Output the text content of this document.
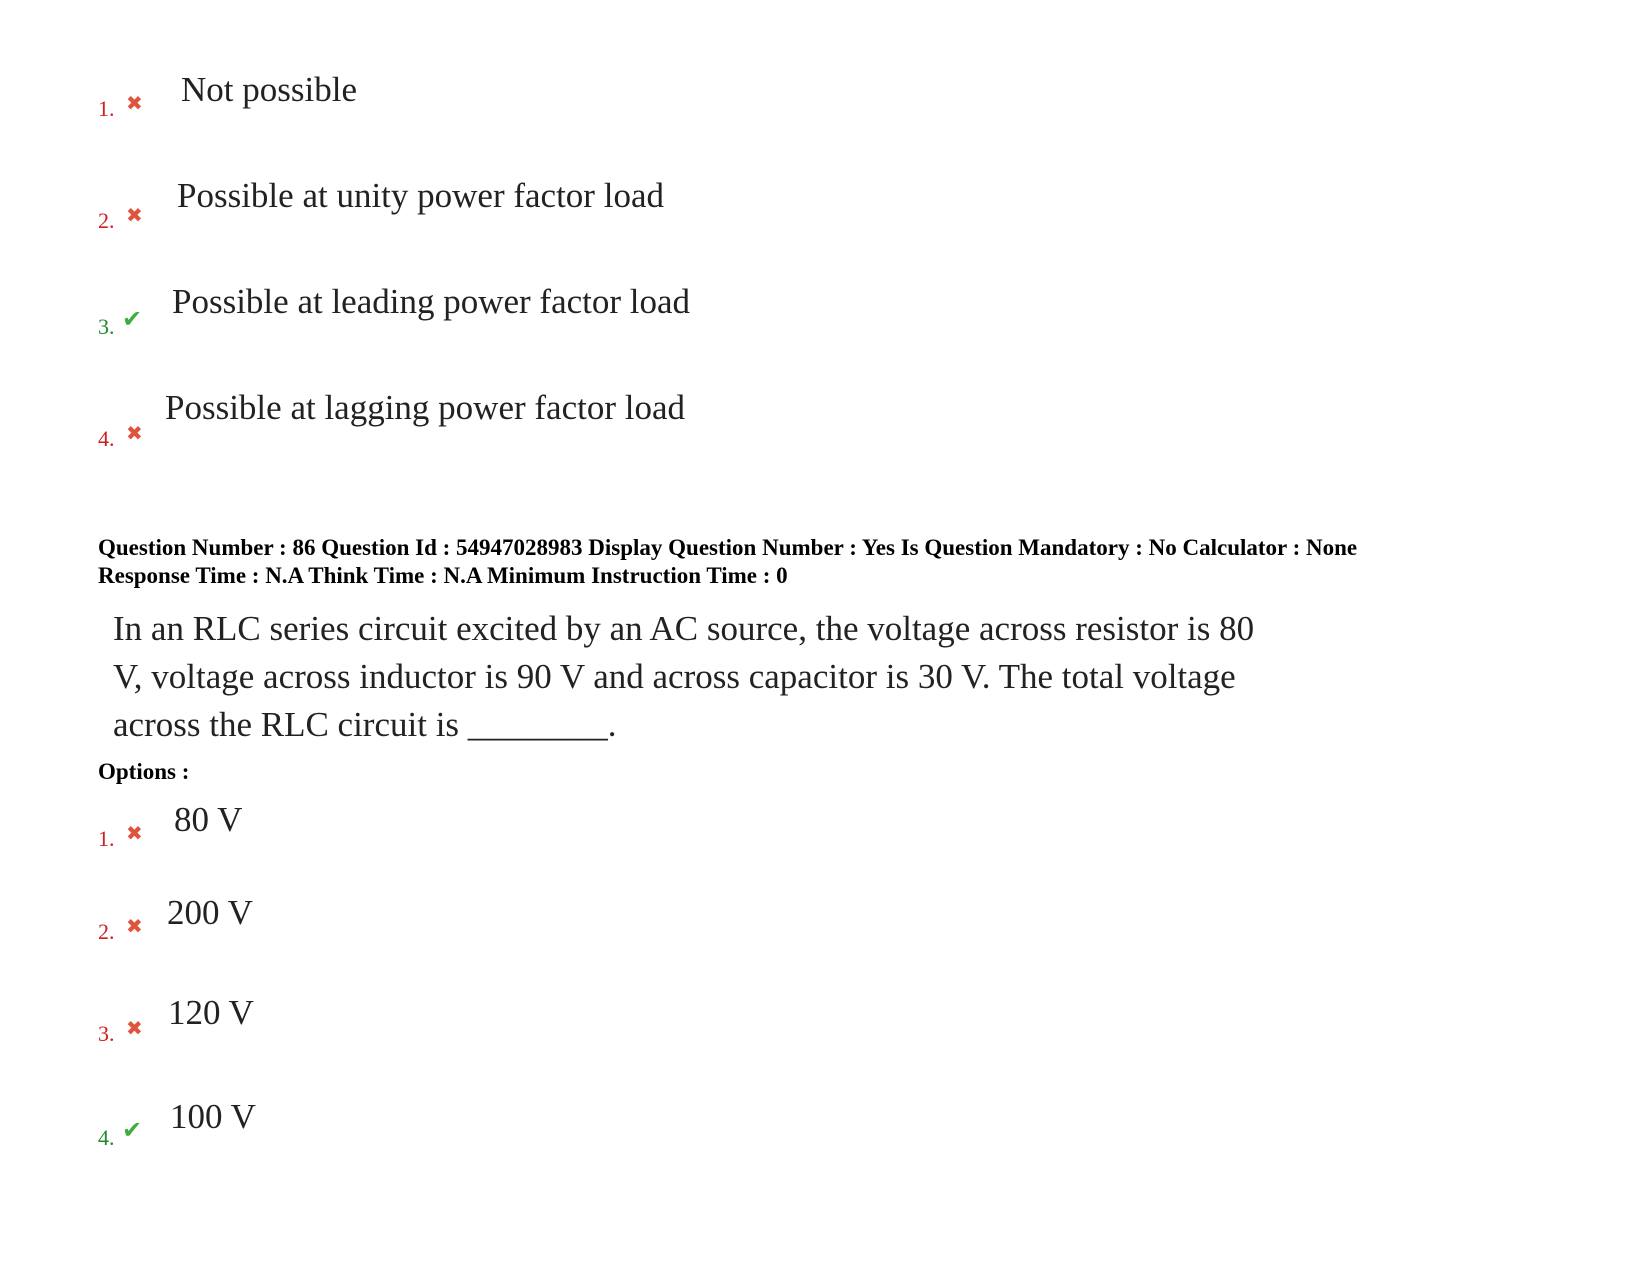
1. ✖ Not possible
2. ✖ Possible at unity power factor load
3. ✔ Possible at leading power factor load
4. ✖
Possible at lagging power factor load
Question Number : 86 Question Id : 54947028983 Display Question Number : Yes Is Question Mandatory : No Calculator : None
Response Time : N.A Think Time : N.A Minimum Instruction Time : 0

In an RLC series circuit excited by an AC source, the voltage across resistor is 80

V, voltage across inductor is 90 V and across capacitor is 30 V. The total voltage

across the RLC circuit is ________.

Options :
1. ✖ 80 V
2. ✖ 200 V
3. ✖ 120 V
4. ✔ 100 V
